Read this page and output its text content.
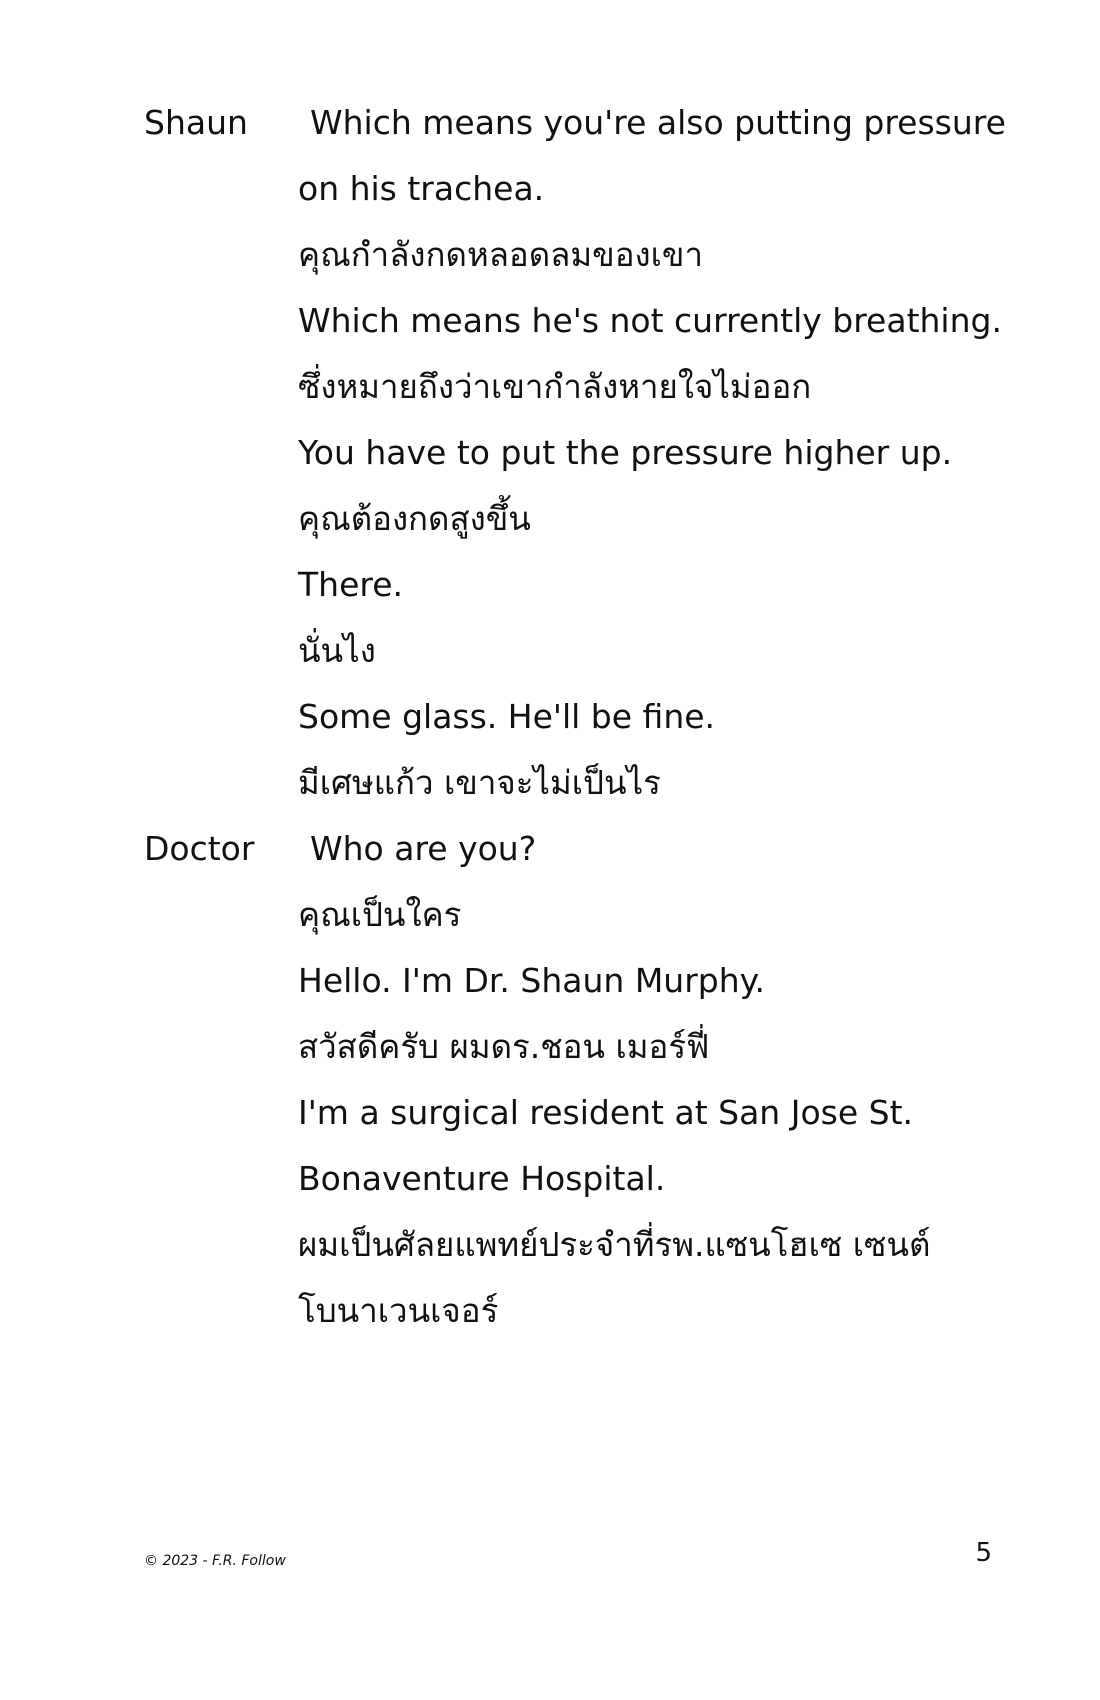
Shaun	Which means you're also putting pressure
on his trachea.
คุณกำลังกดหลอดลมของเขา
Which means he's not currently breathing.
ซึ่งหมายถึงว่าเขากำลังหายใจไม่ออก
You have to put the pressure higher up.
คุณต้องกดสูงขึ้น
There.
นั่นไง
Some glass. He'll be fine.
มีเศษแก้ว เขาจะไม่เป็นไร
Doctor	Who are you?
คุณเป็นใคร
Hello. I'm Dr. Shaun Murphy.
สวัสดีครับ ผมดร.ชอน เมอร์ฟี่
I'm a surgical resident at San Jose St.
Bonaventure Hospital.
ผมเป็นศัลยแพทย์ประจำที่รพ.แซนโฮเซ เซนต์
โบนาเวนเจอร์
© 2023 - F.R. Follow	5
